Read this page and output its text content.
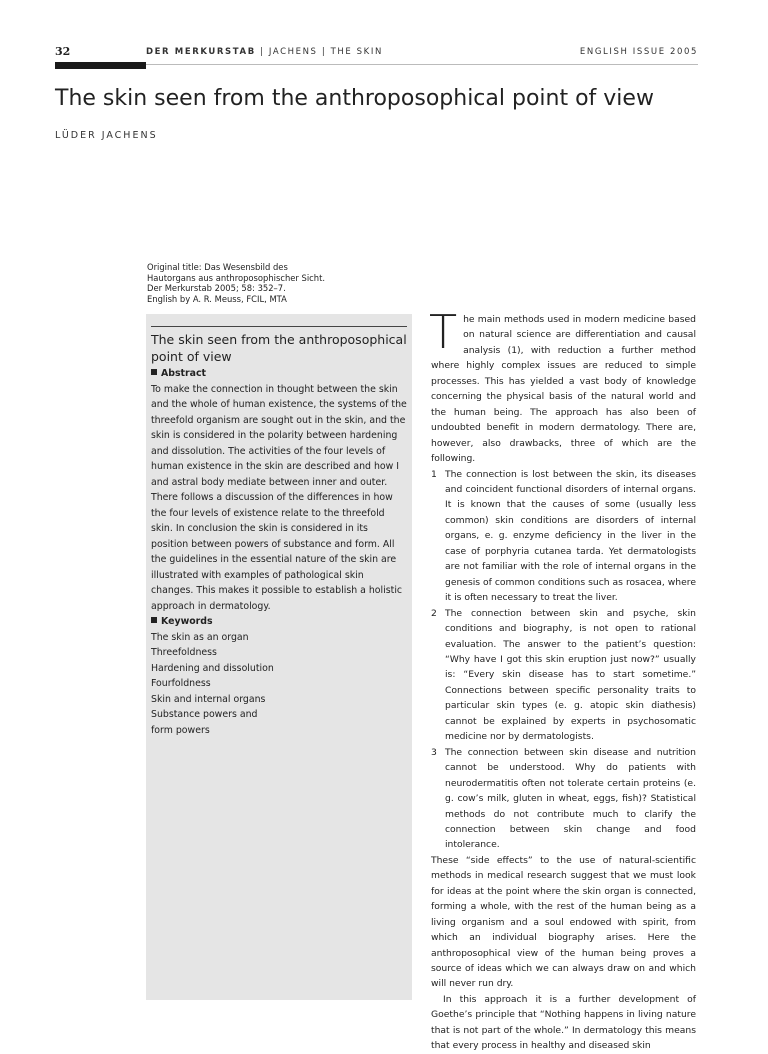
32	DER MERKURSTAB | JACHENS | THE SKIN	ENGLISH ISSUE 2005
The skin seen from the anthroposophical point of view
LÜDER JACHENS
Original title: Das Wesensbild des
Hautorgans aus anthroposophischer Sicht.
Der Merkurstab 2005; 58: 352–7.
English by A. R. Meuss, FCIL, MTA
The skin seen from the anthroposophical point of view
Abstract

To make the connection in thought between the skin and the whole of human existence, the systems of the threefold organism are sought out in the skin, and the skin is considered in the polarity between hardening and dissolution. The activities of the four levels of human existence in the skin are described and how I and astral body mediate between inner and outer. There follows a discussion of the differences in how the four levels of existence relate to the threefold skin. In conclusion the skin is considered in its position between powers of substance and form. All the guidelines in the essential nature of the skin are illustrated with examples of pathological skin changes. This makes it possible to establish a holistic approach in dermatology.

Keywords
The skin as an organ
Threefoldness
Hardening and dissolution
Fourfoldness
Skin and internal organs
Substance powers and
form powers

The main methods used in modern medicine based on natural science are differentiation and causal analysis (1), with reduction a further method where highly complex issues are reduced to simple processes. This has yielded a vast body of knowledge concerning the physical basis of the natural world and the human being. The approach has also been of undoubted benefit in modern dermatology. There are, however, also drawbacks, three of which are the following.

1 The connection is lost between the skin, its diseases and coincident functional disorders of internal organs. It is known that the causes of some (usually less common) skin conditions are disorders of internal organs, e. g. enzyme deficiency in the liver in the case of porphyria cutanea tarda. Yet dermatologists are not familiar with the role of internal organs in the genesis of common conditions such as rosacea, where it is often necessary to treat the liver.
2 The connection between skin and psyche, skin conditions and biography, is not open to rational evaluation. The answer to the patient’s question: “Why have I got this skin eruption just now?” usually is: “Every skin disease has to start sometime.” Connections between specific personality traits to particular skin types (e. g. atopic skin diathesis) cannot be explained by experts in psychosomatic medicine nor by dermatologists.
3 The connection between skin disease and nutrition cannot be understood. Why do patients with neurodermatitis often not tolerate certain proteins (e. g. cow’s milk, gluten in wheat, eggs, fish)? Statistical methods do not contribute much to clarify the connection between skin change and food intolerance.

These “side effects” to the use of natural-scientific methods in medical research suggest that we must look for ideas at the point where the skin organ is connected, forming a whole, with the rest of the human being as a living organism and a soul endowed with spirit, from which an individual biography arises. Here the anthroposophical view of the human being proves a source of ideas which we can always draw on and which will never run dry.

In this approach it is a further development of Goethe’s principle that “Nothing happens in living nature that is not part of the whole.” In dermatology this means that every process in healthy and diseased skin
